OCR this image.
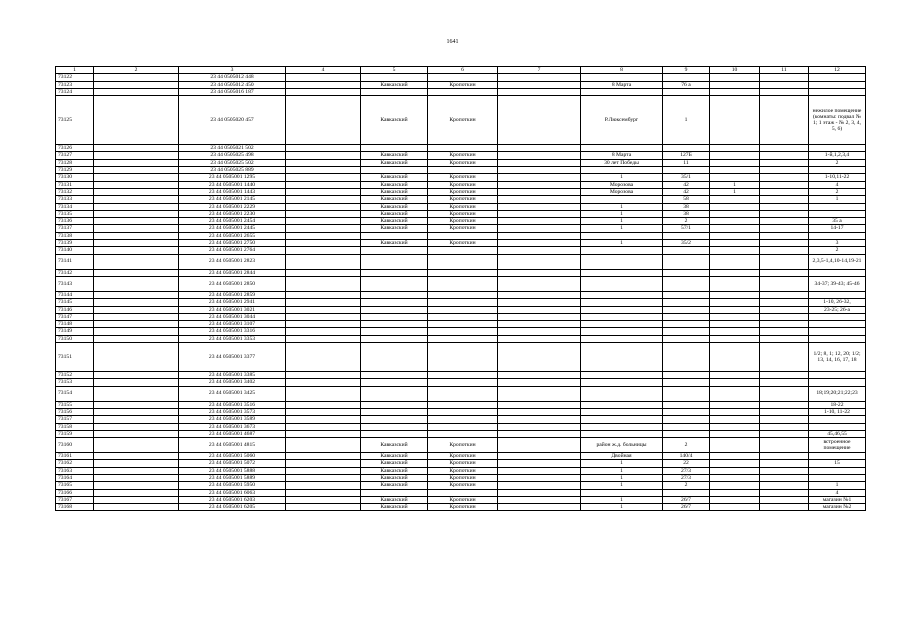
1641
1	2	3	4	5	6	7	8	9	10	11	12
73122		23 44 0505012 448									
73123		23 44 0505012 450		Кавказский	Кропоткин		8 Марта	76 а			
73124		23 44 0505016 187									
73125		23 44 0505020 457		Кавказский	Кропоткин		Р.Люксембург	1			нежилое помещение (комнаты: подвал № 1; 1 этаж - № 2, 3, 4, 5, 6)
73126		23 44 0505021 502									
73127		23 44 0505025 498		Кавказский	Кропоткин		8 Марта	127Б			1-й,1,2,3,4
73128		23 44 0505025 502		Кавказский	Кропоткин		30 лет Победы	11			2
73129		23 44 0505025 889									
73130		23 44 0505001 1295		Кавказский	Кропоткин		1	35/1			1-10,11-22
73131		23 44 0505001 1440		Кавказский	Кропоткин		Морозова	42	1		4
73132		23 44 0505001 1443		Кавказский	Кропоткин		Морозова	42	1		2
73133		23 44 0505001 2145		Кавказский	Кропоткин			58			1
73134		23 44 0505001 2229		Кавказский	Кропоткин		1	38			
73135		23 44 0505001 2230		Кавказский	Кропоткин		1	38			
73136		23 44 0505001 2454		Кавказский	Кропоткин		1	2			35 а
73137		23 44 0505001 2445		Кавказский	Кропоткин		1	57/1			14-17
73138		23 44 0505001 2655									
73139		23 44 0505001 2750		Кавказский	Кропоткин		1	35/2			3
73140		23 44 0505001 2764									2
73141		23 44 0505001 2823									2,3,5-1,4,10-14,19-21
73142		23 44 0505001 2844									
73143		23 44 0505001 2850									34-37; 39-43; 45-46
73144		23 44 0505001 2859									
73145		23 44 0505001 2941									1-10, 26-32,
73146		23 44 0505001 3021									23-25; 26-а
73147		23 44 0505001 3044									
73148		23 44 0505001 3107									
73149		23 44 0505001 3316									
73150		23 44 0505001 3353									
73151		23 44 0505001 3377									1/2; 8, 1; 12, 20; 1/2; 13, 14, 16, 17, 18
73152		23 44 0505001 3385									
73153		23 44 0505001 3402									
73154		23 44 0505001 3425									18;19;20;21;22;23
73155		23 44 0505001 3516									18-22
73156		23 44 0505001 3573									1-10, 11-22
73157		23 44 0505001 3589									
73158		23 44 0505001 3673									
73159		23 44 0505001 4687									45,46,55
73160		23 44 0505001 4815		Кавказский	Кропоткин		район ж.д. больницы	2			встроенное помещение
73161		23 44 0505001 5060		Кавказский	Кропоткин		Двойная	140/4			
73162		23 44 0505001 5072		Кавказский	Кропоткин		1	22			15
73163		23 44 0505001 5888		Кавказский	Кропоткин		1	27/3			
73164		23 44 0505001 5889		Кавказский	Кропоткин		1	27/3			
73165		23 44 0505001 5950		Кавказский	Кропоткин		1	2			1
73166		23 44 0505001 6063									4
73167		23 44 0505001 6203		Кавказский	Кропоткин		1	26/7			магазин №1
73168		23 44 0505001 6205		Кавказский	Кропоткин		1	26/7			магазин №2
